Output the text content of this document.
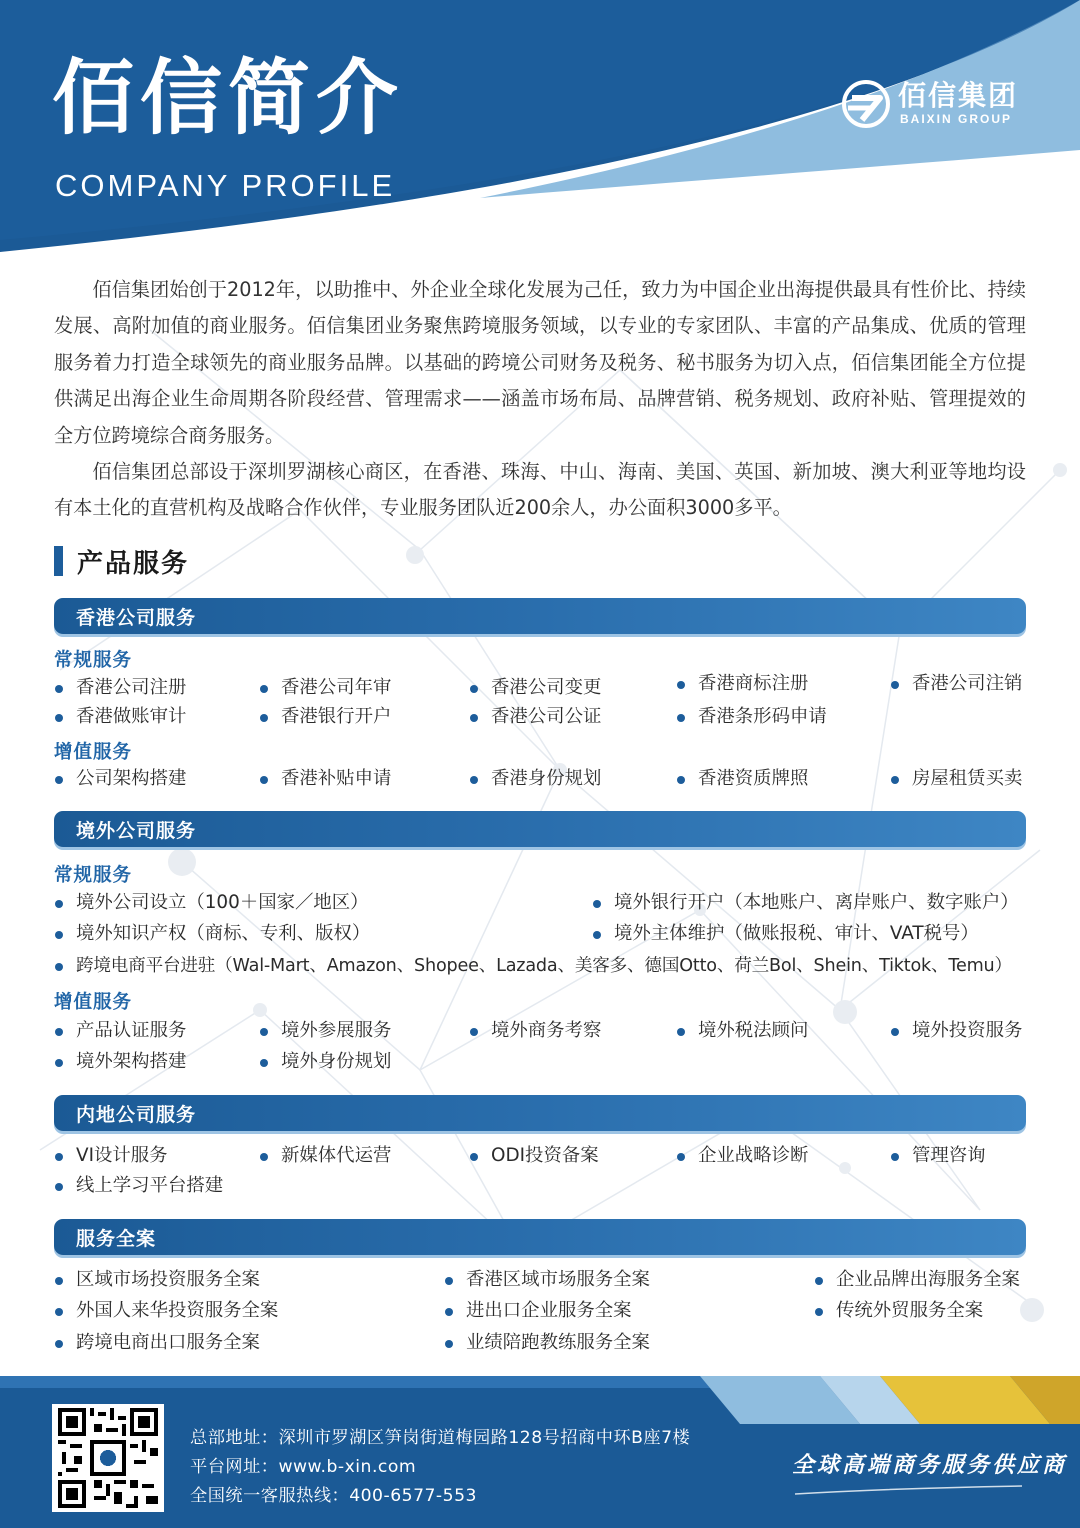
佰信简介
COMPANY PROFILE
佰信集团
BAIXIN GROUP

佰信集团始创于2012年，以助推中、外企业全球化发展为己任，致力为中国企业出海提供最具有性价比、持续发展、高附加值的商业服务。佰信集团业务聚焦跨境服务领域，以专业的专家团队、丰富的产品集成、优质的管理服务着力打造全球领先的商业服务品牌。以基础的跨境公司财务及税务、秘书服务为切入点，佰信集团能全方位提供满足出海企业生命周期各阶段经营、管理需求——涵盖市场布局、品牌营销、税务规划、政府补贴、管理提效的全方位跨境综合商务服务。

佰信集团总部设于深圳罗湖核心商区，在香港、珠海、中山、海南、美国、英国、新加坡、澳大利亚等地均设有本土化的直营机构及战略合作伙伴，专业服务团队近200余人，办公面积3000多平。

产品服务
香港公司服务
常规服务
香港公司注册	香港公司年审	香港公司变更	香港商标注册	香港公司注销
香港做账审计	香港银行开户	香港公司公证	香港条形码申请
增值服务
公司架构搭建	香港补贴申请	香港身份规划	香港资质牌照	房屋租赁买卖
境外公司服务
常规服务
境外公司设立（100＋国家／地区）	境外银行开户（本地账户、离岸账户、数字账户）
境外知识产权（商标、专利、版权）	境外主体维护（做账报税、审计、VAT税号）
跨境电商平台进驻（Wal-Mart、Amazon、Shopee、Lazada、美客多、德国Otto、荷兰Bol、Shein、Tiktok、Temu）
增值服务
产品认证服务	境外参展服务	境外商务考察	境外税法顾问	境外投资服务
境外架构搭建	境外身份规划
内地公司服务
VI设计服务	新媒体代运营	ODI投资备案	企业战略诊断	管理咨询
线上学习平台搭建
服务全案
区域市场投资服务全案	香港区域市场服务全案	企业品牌出海服务全案
外国人来华投资服务全案	进出口企业服务全案	传统外贸服务全案
跨境电商出口服务全案	业绩陪跑教练服务全案
总部地址：深圳市罗湖区笋岗街道梅园路128号招商中环B座7楼
平台网址：www.b-xin.com
全国统一客服热线：400-6577-553
全球高端商务服务供应商
